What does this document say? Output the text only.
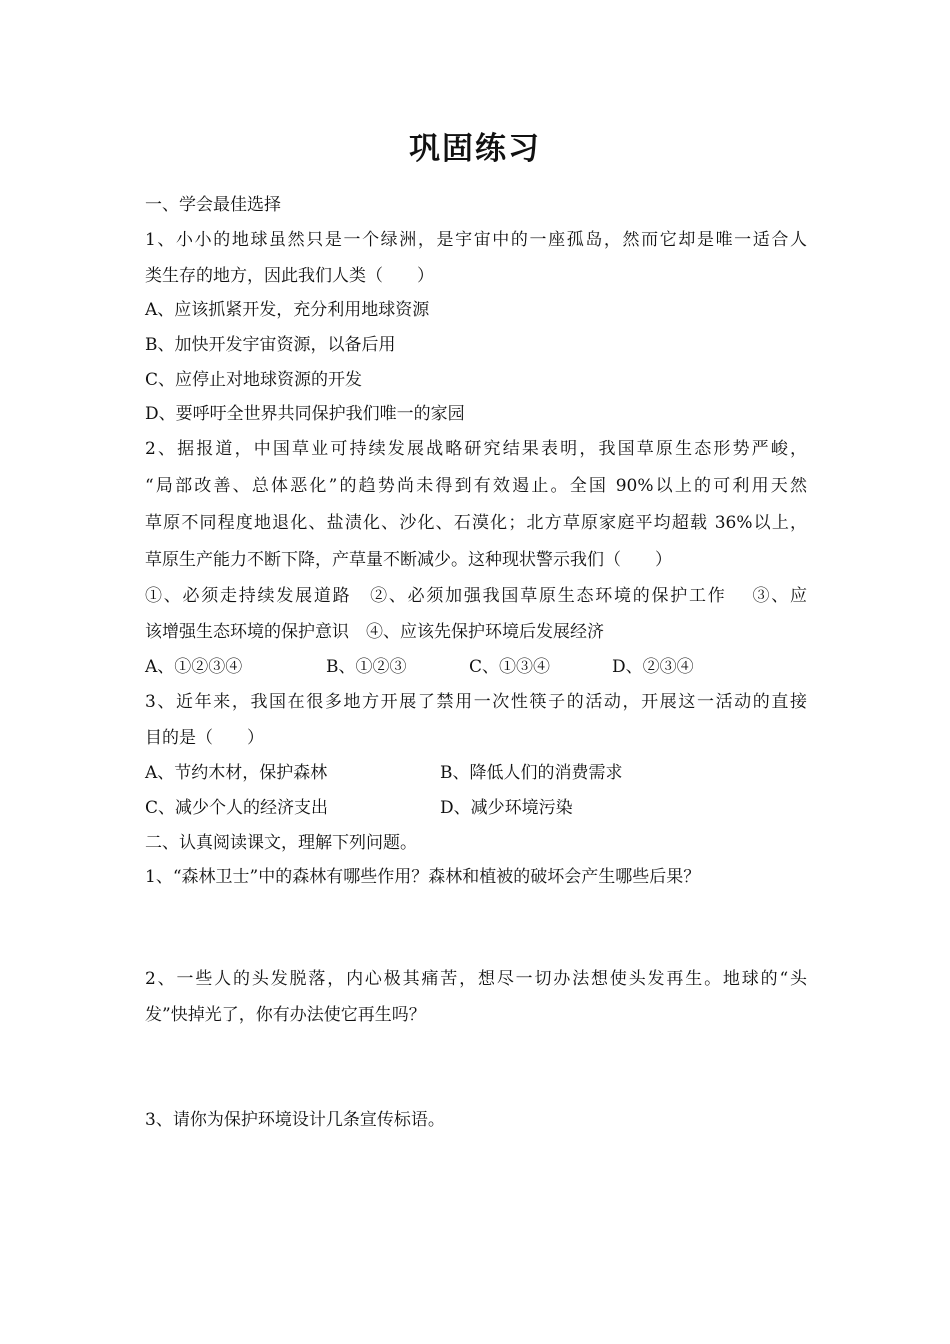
巩固练习
一、学会最佳选择
1、小小的地球虽然只是一个绿洲，是宇宙中的一座孤岛，然而它却是唯一适合人
类生存的地方，因此我们人类（　　）
A、应该抓紧开发，充分利用地球资源
B、加快开发宇宙资源，以备后用
C、应停止对地球资源的开发
D、要呼吁全世界共同保护我们唯一的家园
2、据报道，中国草业可持续发展战略研究结果表明，我国草原生态形势严峻，
“局部改善、总体恶化”的趋势尚未得到有效遏止。全国 90%以上的可利用天然
草原不同程度地退化、盐渍化、沙化、石漠化；北方草原家庭平均超载 36%以上，
草原生产能力不断下降，产草量不断减少。这种现状警示我们（　　）
①、必须走持续发展道路　②、必须加强我国草原生态环境的保护工作　 ③、应
该增强生态环境的保护意识　④、应该先保护环境后发展经济
A、①②③④	B、①②③	C、①③④	D、②③④
3、近年来，我国在很多地方开展了禁用一次性筷子的活动，开展这一活动的直接
目的是（　　）
A、节约木材，保护森林	B、降低人们的消费需求
C、减少个人的经济支出	D、减少环境污染
二、认真阅读课文，理解下列问题。
1、“森林卫士”中的森林有哪些作用？森林和植被的破坏会产生哪些后果？
2、一些人的头发脱落，内心极其痛苦，想尽一切办法想使头发再生。地球的“头
发”快掉光了，你有办法使它再生吗？
3、请你为保护环境设计几条宣传标语。
